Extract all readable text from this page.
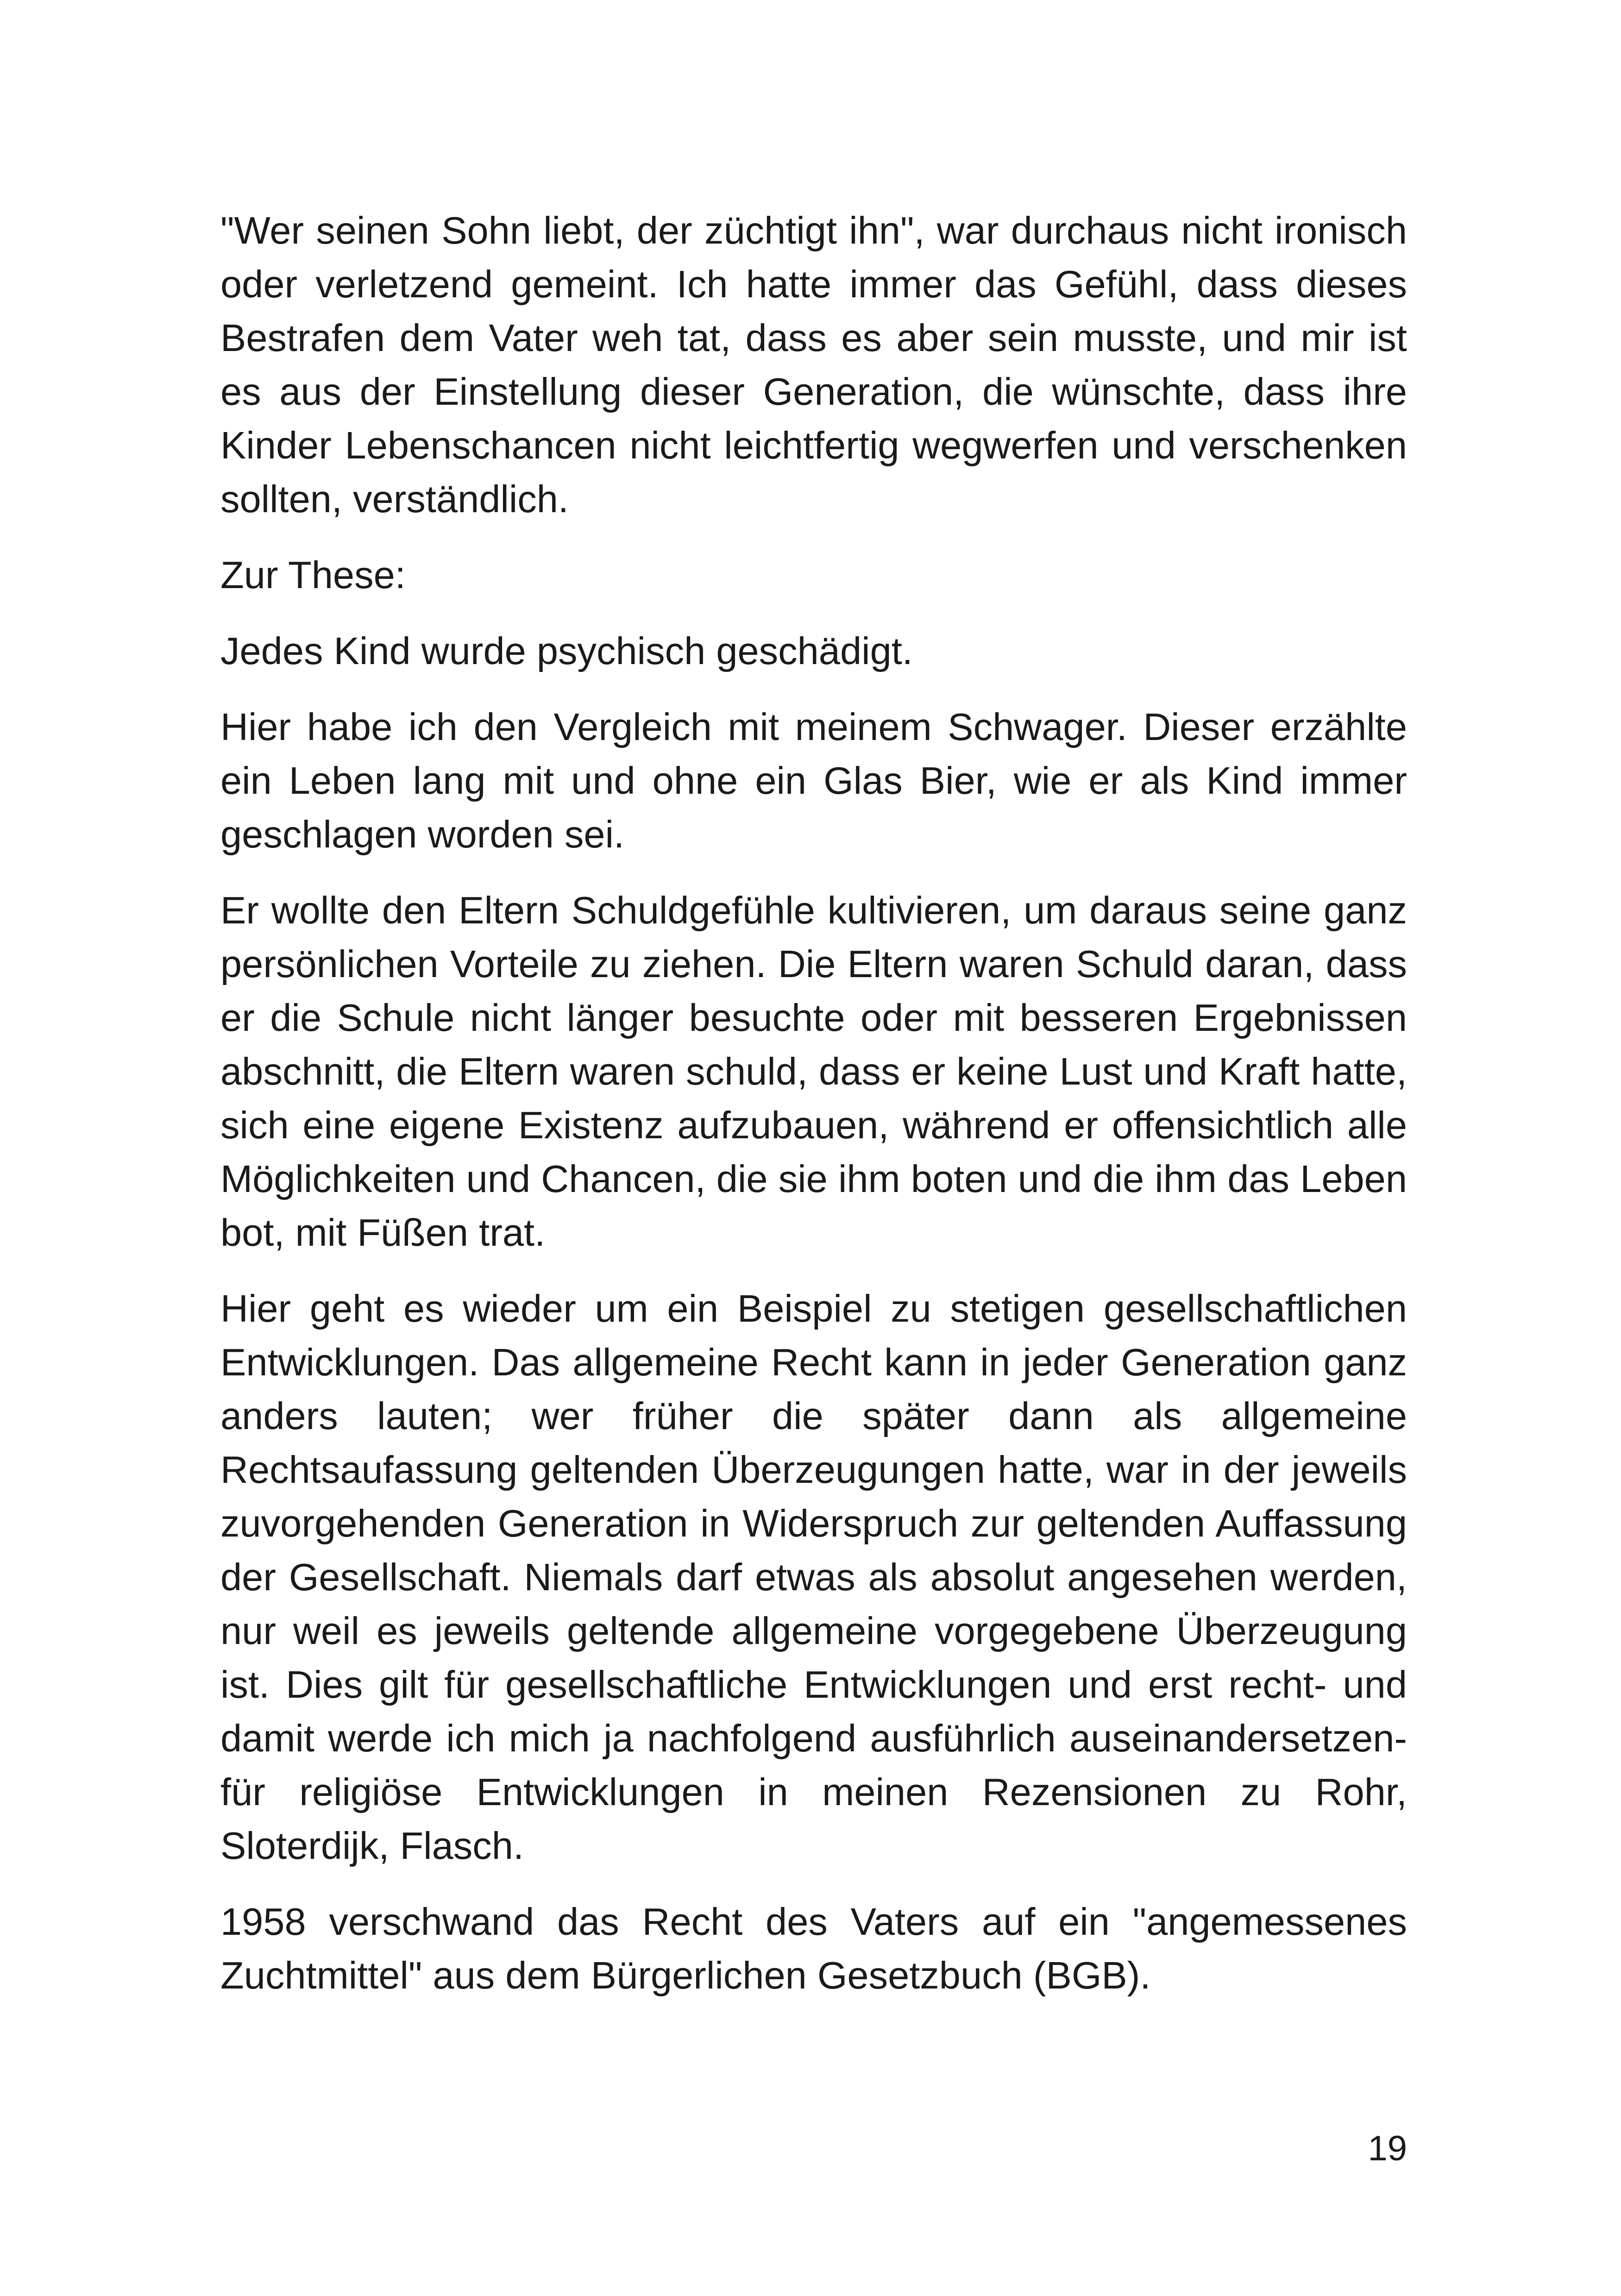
"Wer seinen Sohn liebt, der züchtigt ihn", war durchaus nicht ironisch oder verletzend gemeint. Ich hatte immer das Gefühl, dass dieses Bestrafen dem Vater weh tat, dass es aber sein musste, und mir ist es aus der Einstellung dieser Generation, die wünschte, dass ihre Kinder Lebenschancen nicht leichtfertig wegwerfen und verschenken sollten, verständlich.

Zur These:

Jedes Kind wurde psychisch geschädigt.

Hier habe ich den Vergleich mit meinem Schwager. Dieser erzählte ein Leben lang mit und ohne ein Glas Bier, wie er als Kind immer geschlagen worden sei.

Er wollte den Eltern Schuldgefühle kultivieren, um daraus seine ganz persönlichen Vorteile zu ziehen. Die Eltern waren Schuld daran, dass er die Schule nicht länger besuchte oder mit besseren Ergebnissen abschnitt, die Eltern waren schuld, dass er keine Lust und Kraft hatte, sich eine eigene Existenz aufzubauen, während er offensichtlich alle Möglichkeiten und Chancen, die sie ihm boten und die ihm das Leben bot, mit Füßen trat.

Hier geht es wieder um ein Beispiel zu stetigen gesellschaftlichen Entwicklungen. Das allgemeine Recht kann in jeder Generation ganz anders lauten; wer früher die später dann als allgemeine Rechtsaufassung geltenden Überzeugungen hatte, war in der jeweils zuvorgehenden Generation in Widerspruch zur geltenden Auffassung der Gesellschaft. Niemals darf etwas als absolut angesehen werden, nur weil es jeweils geltende allgemeine vorgegebene Überzeugung ist. Dies gilt für gesellschaftliche Entwicklungen und erst recht- und damit werde ich mich ja nachfolgend ausführlich auseinandersetzen- für religiöse Entwicklungen in meinen Rezensionen zu Rohr, Sloterdijk, Flasch.

1958 verschwand das Recht des Vaters auf ein "angemessenes Zuchtmittel" aus dem Bürgerlichen Gesetzbuch (BGB).

19
